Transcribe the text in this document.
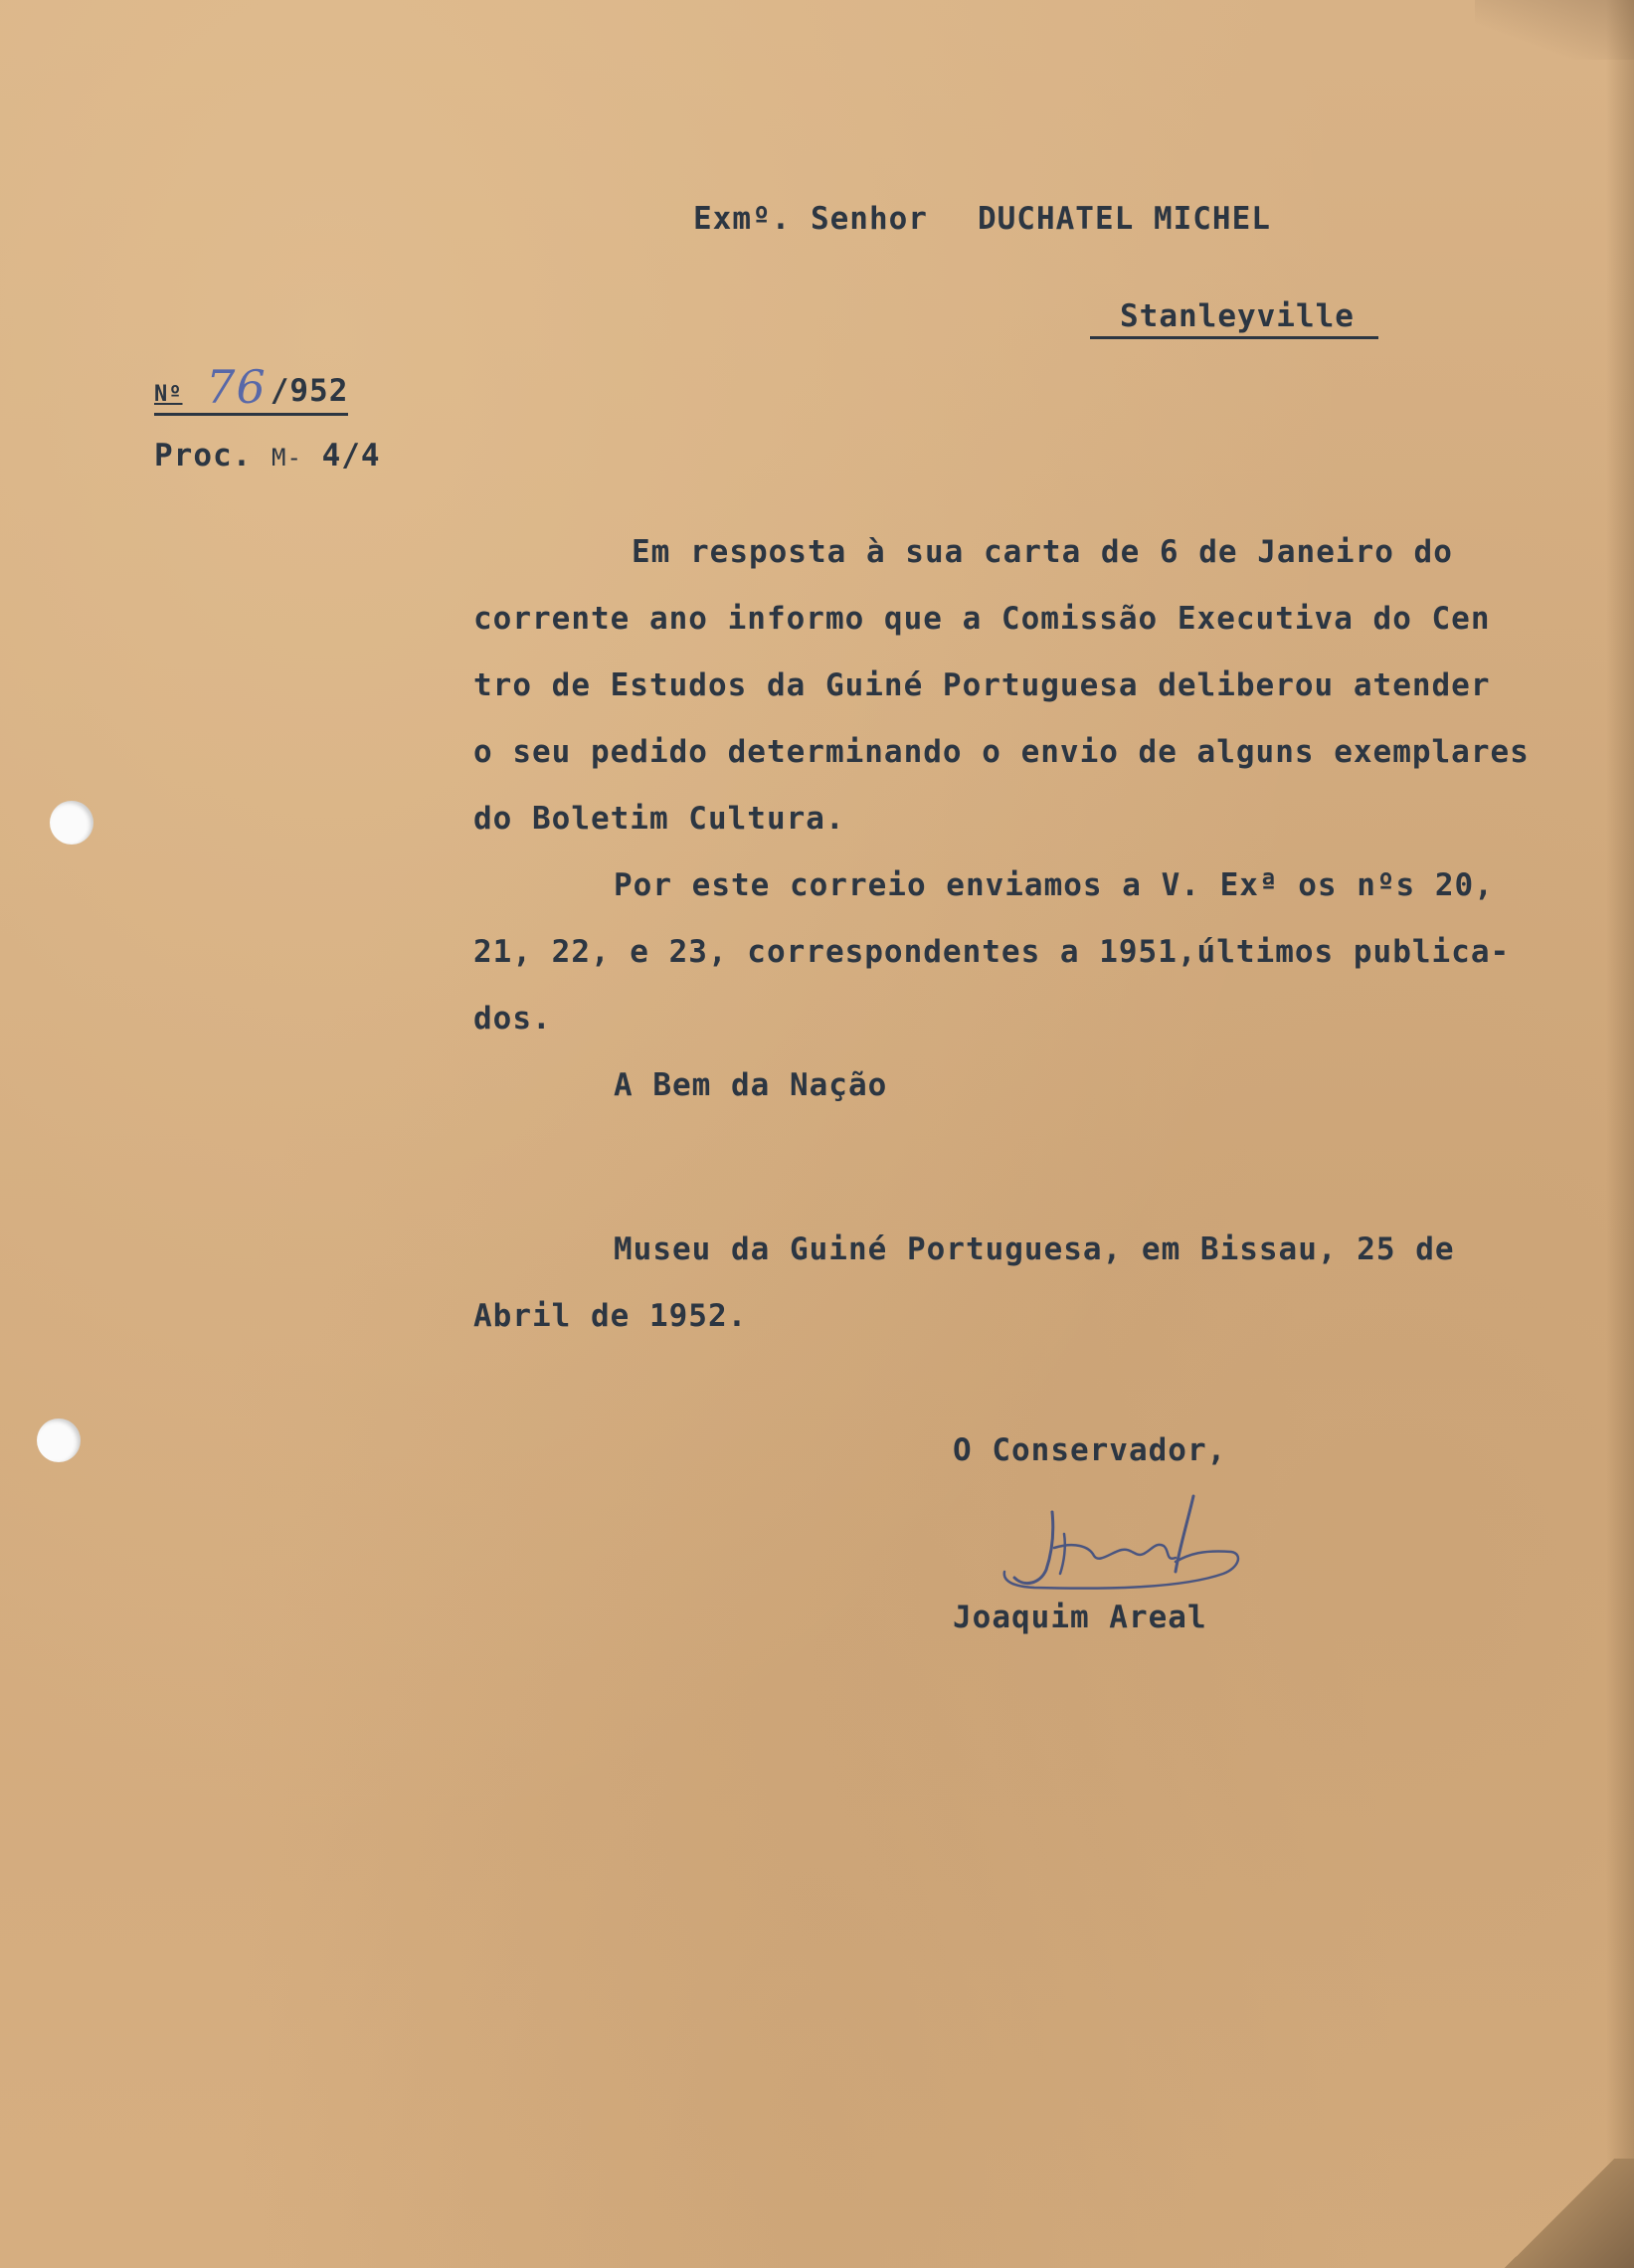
Exmº. Senhor DUCHATEL MICHEL
Stanleyville
Nº 76 /952
Proc. M- 4/4
Em resposta à sua carta de 6 de Janeiro do
corrente ano informo que a Comissão Executiva do Cen
tro de Estudos da Guiné Portuguesa deliberou atender
o seu pedido determinando o envio de alguns exemplares
do Boletim Cultura.
Por este correio enviamos a V. Exª os nºs 20,
21, 22, e 23, correspondentes a 1951,últimos publica-
dos.
A Bem da Nação
Museu da Guiné Portuguesa, em Bissau, 25 de
Abril de 1952.
O Conservador,
Joaquim Areal
